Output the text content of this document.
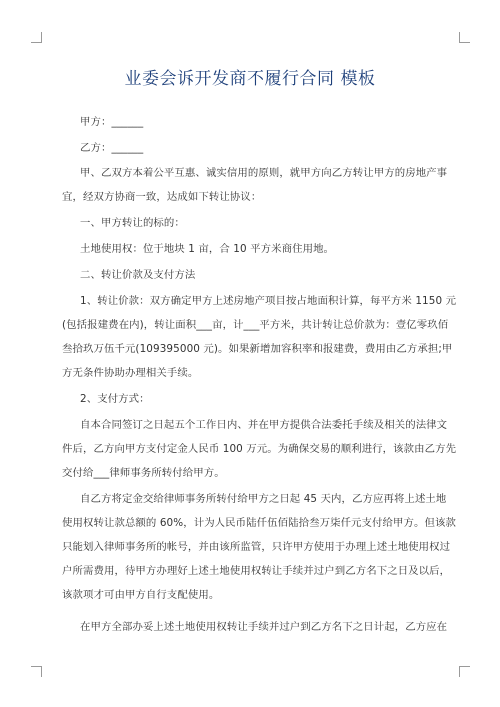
业委会诉开发商不履行合同 模板
甲方：______
乙方：______
甲、乙双方本着公平互惠、诚实信用的原则，就甲方向乙方转让甲方的房地产事
宜，经双方协商一致，达成如下转让协议：
一、甲方转让的标的：
土地使用权：位于地块 1 亩，合 10 平方米商住用地。
二、转让价款及支付方法
1、转让价款：双方确定甲方上述房地产项目按占地面积计算，每平方米 1150 元
(包括报建费在内)，转让面积___亩，计___平方米，共计转让总价款为：壹亿零玖佰
叁拾玖万伍千元(109395000 元)。如果新增加容积率和报建费，费用由乙方承担;甲
方无条件协助办理相关手续。
2、支付方式：
自本合同签订之日起五个工作日内、并在甲方提供合法委托手续及相关的法律文
件后，乙方向甲方支付定金人民币 100 万元。为确保交易的顺利进行，该款由乙方先
交付给___律师事务所转付给甲方。
自乙方将定金交给律师事务所转付给甲方之日起 45 天内，乙方应再将上述土地
使用权转让款总额的 60%，计为人民币陆仟伍佰陆拾叁万柒仟元支付给甲方。但该款
只能划入律师事务所的帐号，并由该所监管，只许甲方使用于办理上述土地使用权过
户所需费用，待甲方办理好上述土地使用权转让手续并过户到乙方名下之日及以后，
该款项才可由甲方自行支配使用。
在甲方全部办妥上述土地使用权转让手续并过户到乙方名下之日计起，乙方应在
